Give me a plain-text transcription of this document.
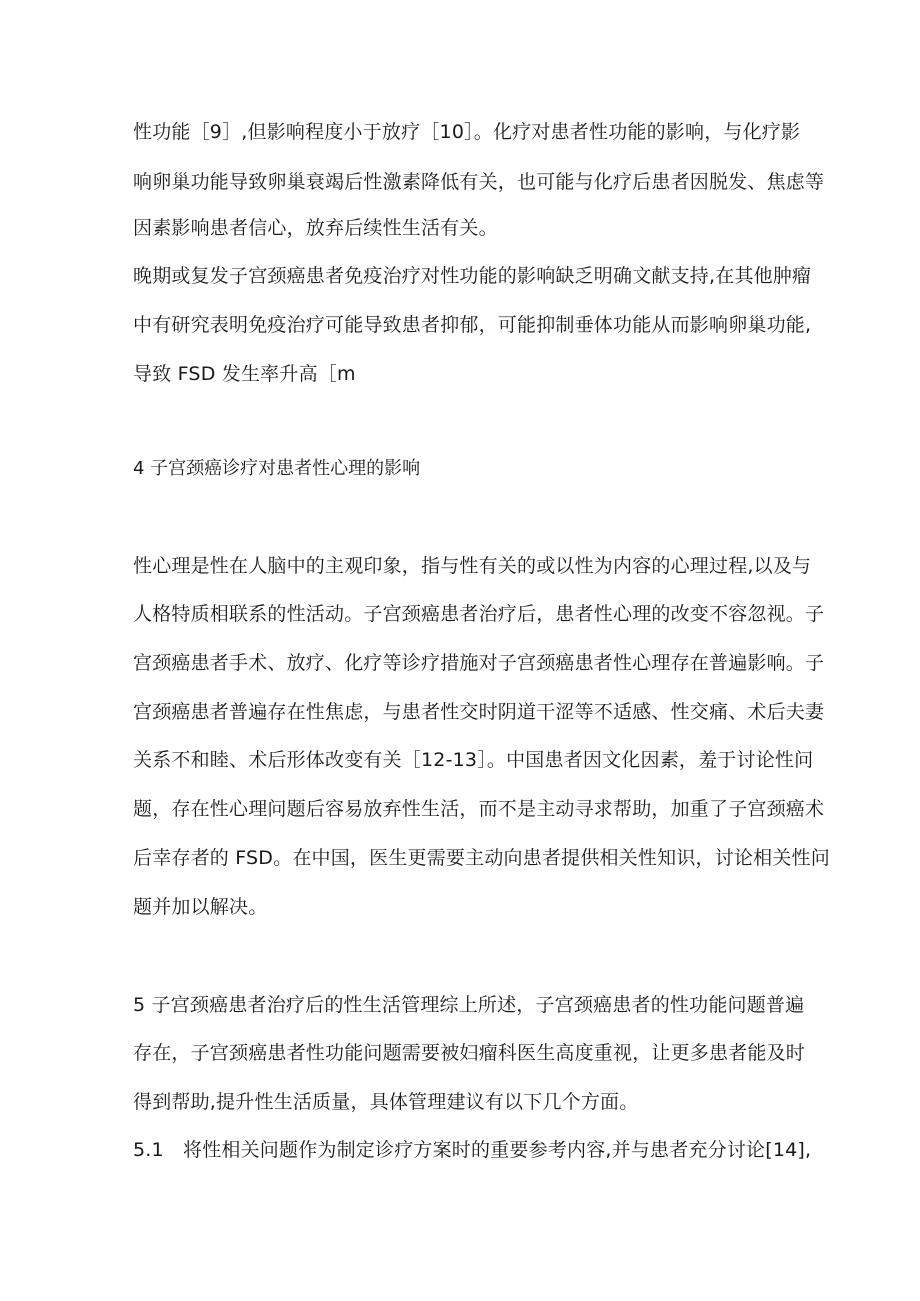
性功能［9］,但影响程度小于放疗［10］。化疗对患者性功能的影响，与化疗影
响卵巢功能导致卵巢衰竭后性激素降低有关，也可能与化疗后患者因脱发、焦虑等
因素影响患者信心，放弃后续性生活有关。
晚期或复发子宫颈癌患者免疫治疗对性功能的影响缺乏明确文献支持,在其他肿瘤
中有研究表明免疫治疗可能导致患者抑郁，可能抑制垂体功能从而影响卵巢功能,
导致 FSD 发生率升高［m
4 子宫颈癌诊疗对患者性心理的影响
性心理是性在人脑中的主观印象，指与性有关的或以性为内容的心理过程,以及与
人格特质相联系的性活动。子宫颈癌患者治疗后，患者性心理的改变不容忽视。子
宫颈癌患者手术、放疗、化疗等诊疗措施对子宫颈癌患者性心理存在普遍影响。子
宫颈癌患者普遍存在性焦虑，与患者性交时阴道干涩等不适感、性交痛、术后夫妻
关系不和睦、术后形体改变有关［12-13］。中国患者因文化因素，羞于讨论性问
题，存在性心理问题后容易放弃性生活，而不是主动寻求帮助，加重了子宫颈癌术
后幸存者的 FSD。在中国，医生更需要主动向患者提供相关性知识，讨论相关性问
题并加以解决。
5 子宫颈癌患者治疗后的性生活管理综上所述，子宫颈癌患者的性功能问题普遍
存在，子宫颈癌患者性功能问题需要被妇瘤科医生高度重视，让更多患者能及时
得到帮助,提升性生活质量，具体管理建议有以下几个方面。
5.1 将性相关问题作为制定诊疗方案时的重要参考内容,并与患者充分讨论[14],
